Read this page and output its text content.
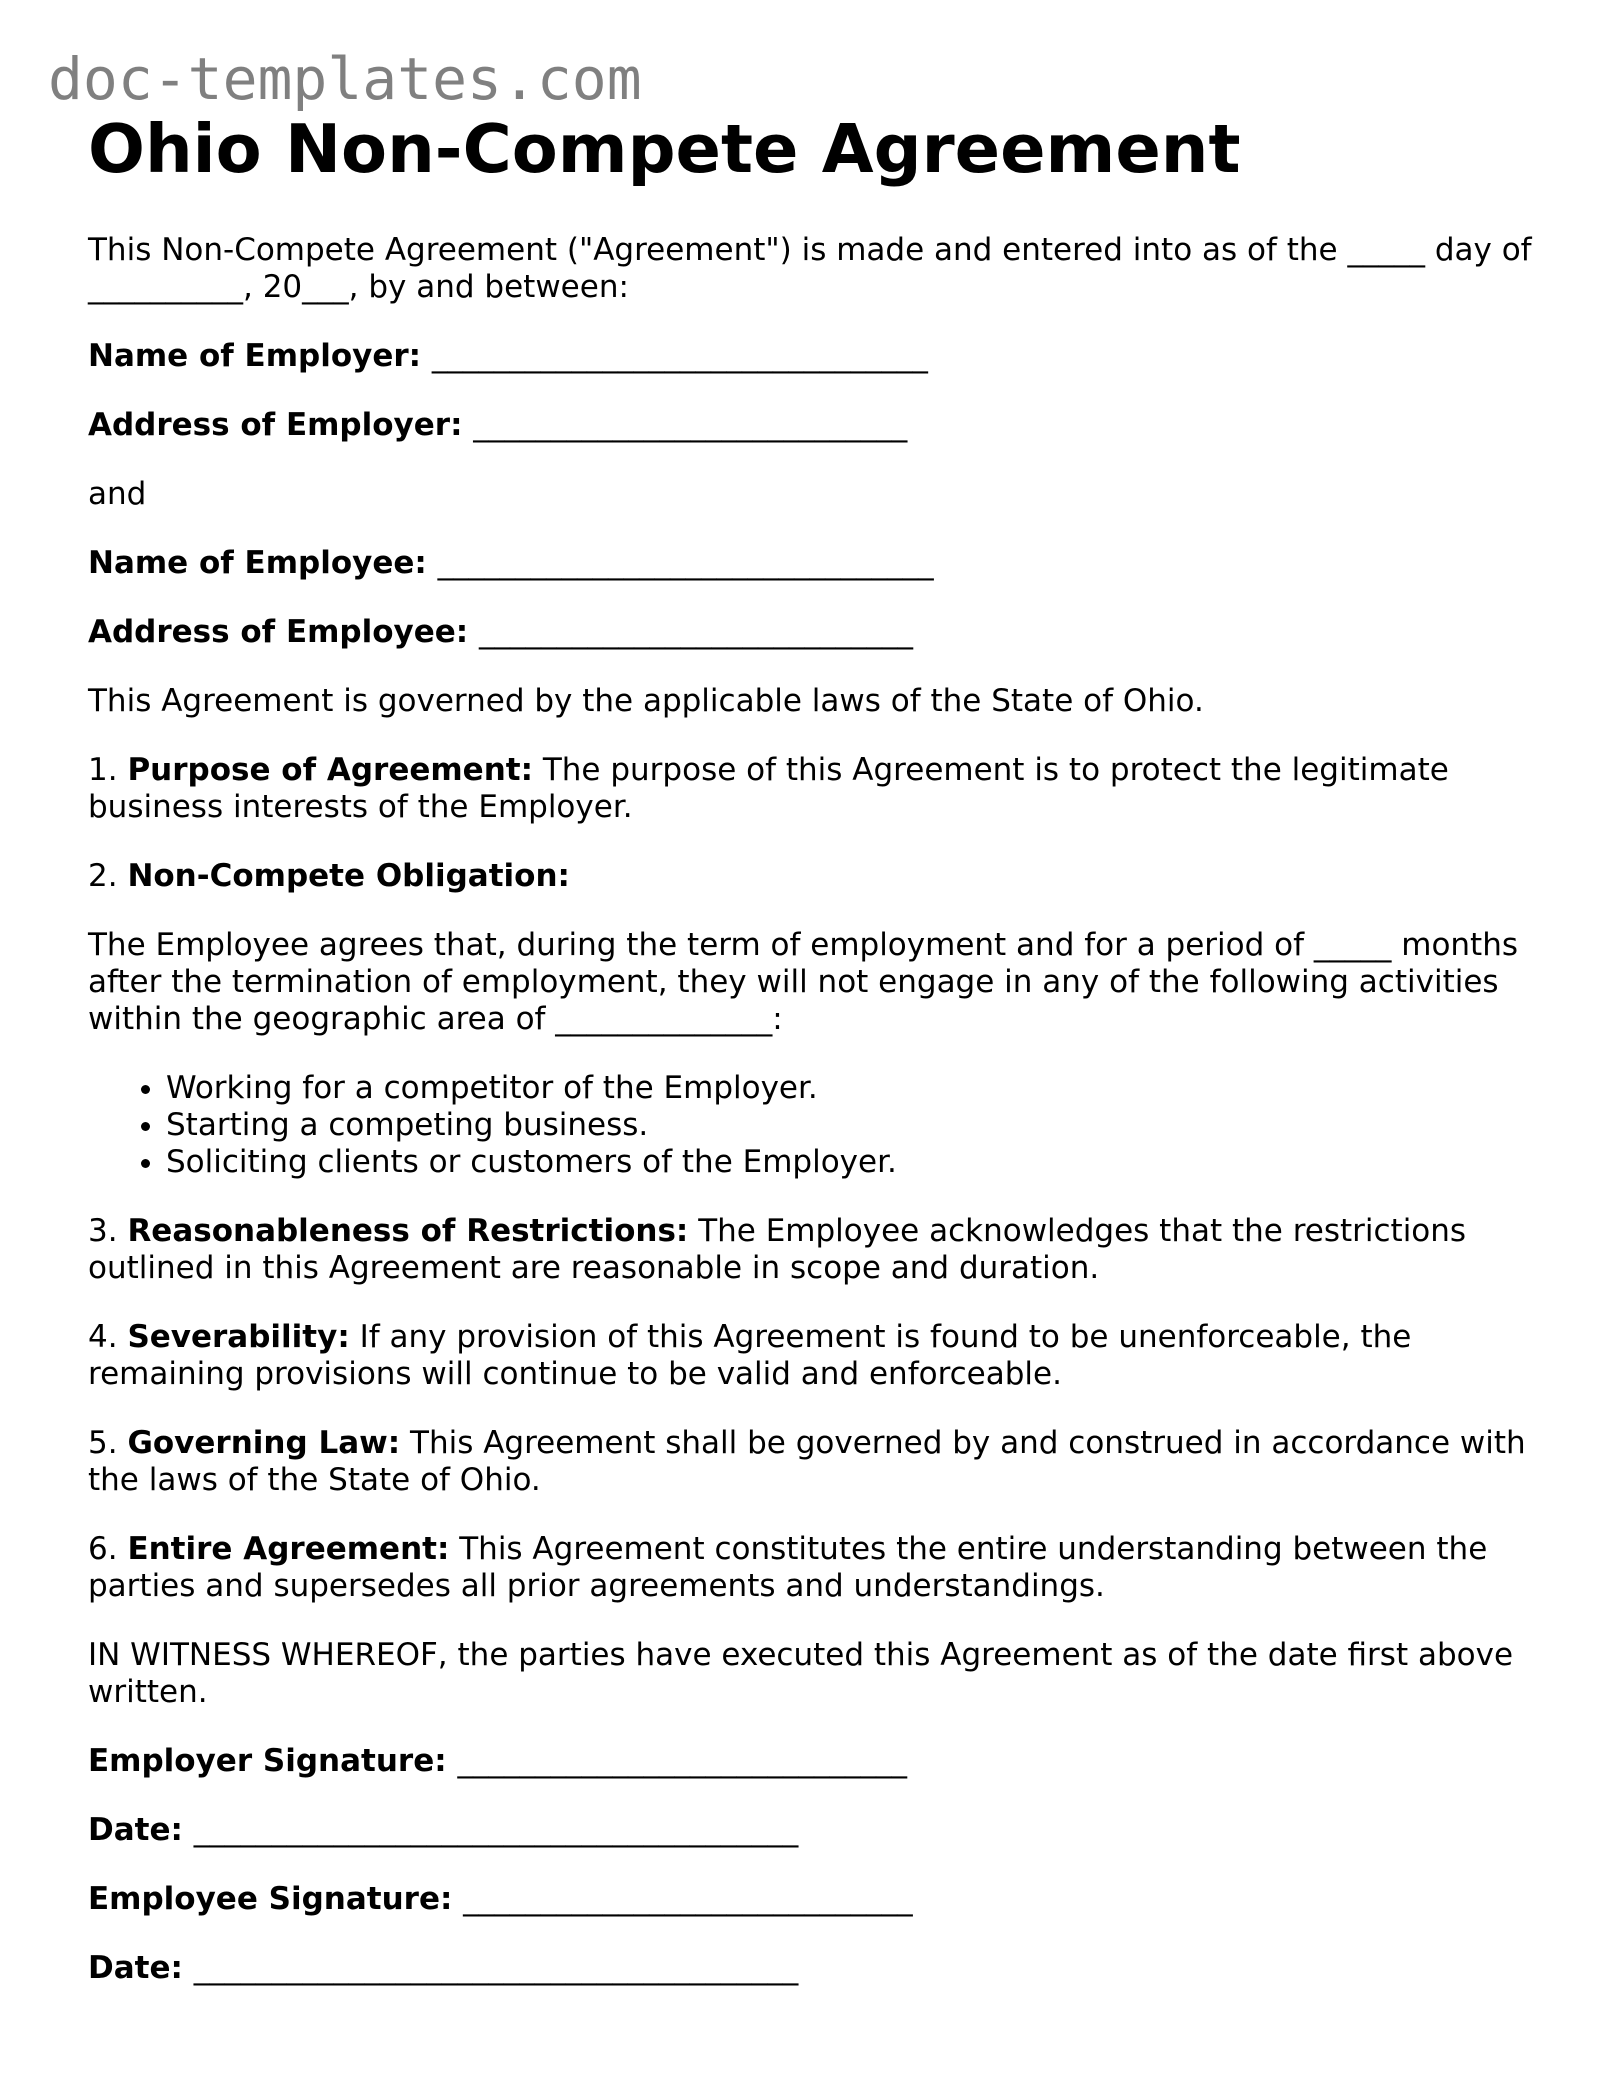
doc-templates.com
Ohio Non-Compete Agreement

This Non-Compete Agreement ("Agreement") is made and entered into as of the _____ day of __________, 20___, by and between:

Name of Employer: ________________________________

Address of Employer: ____________________________

and

Name of Employee: ________________________________

Address of Employee: ____________________________

This Agreement is governed by the applicable laws of the State of Ohio.

1. Purpose of Agreement: The purpose of this Agreement is to protect the legitimate business interests of the Employer.

2. Non-Compete Obligation:

The Employee agrees that, during the term of employment and for a period of _____ months after the termination of employment, they will not engage in any of the following activities within the geographic area of ______________:

• Working for a competitor of the Employer.
• Starting a competing business.
• Soliciting clients or customers of the Employer.

3. Reasonableness of Restrictions: The Employee acknowledges that the restrictions outlined in this Agreement are reasonable in scope and duration.

4. Severability: If any provision of this Agreement is found to be unenforceable, the remaining provisions will continue to be valid and enforceable.

5. Governing Law: This Agreement shall be governed by and construed in accordance with the laws of the State of Ohio.

6. Entire Agreement: This Agreement constitutes the entire understanding between the parties and supersedes all prior agreements and understandings.

IN WITNESS WHEREOF, the parties have executed this Agreement as of the date first above written.

Employer Signature: _____________________________

Date: _______________________________________

Employee Signature: _____________________________

Date: _______________________________________
